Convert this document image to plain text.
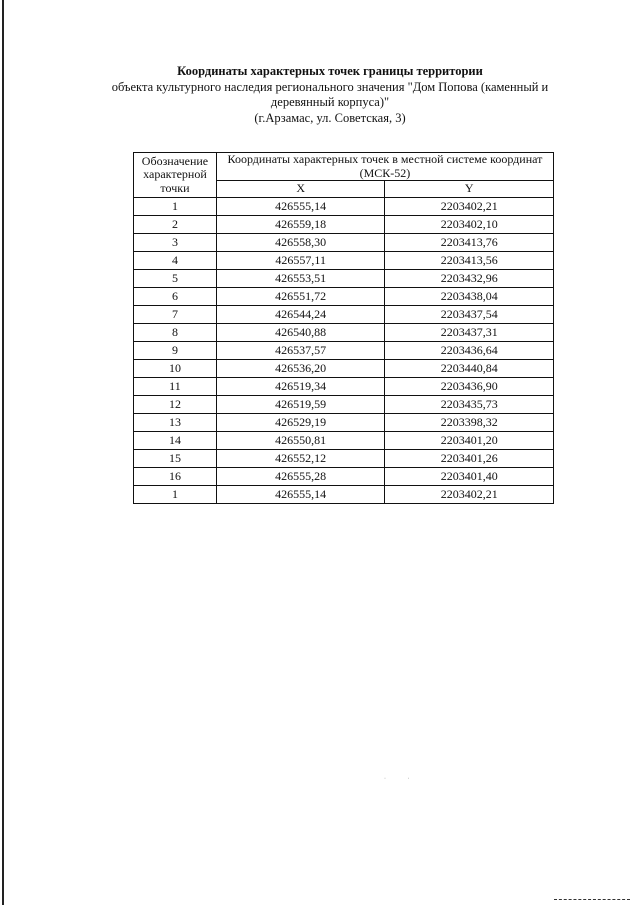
Координаты характерных точек границы территории
объекта культурного наследия регионального значения "Дом Попова (каменный и
деревянный корпуса)"
(г.Арзамас, ул. Советская, 3)
Обозначение характерной точки	Координаты характерных точек в местной системе координат (МСК-52)	
	X	Y
1	426555,14	2203402,21
2	426559,18	2203402,10
3	426558,30	2203413,76
4	426557,11	2203413,56
5	426553,51	2203432,96
6	426551,72	2203438,04
7	426544,24	2203437,54
8	426540,88	2203437,31
9	426537,57	2203436,64
10	426536,20	2203440,84
11	426519,34	2203436,90
12	426519,59	2203435,73
13	426529,19	2203398,32
14	426550,81	2203401,20
15	426552,12	2203401,26
16	426555,28	2203401,40
1	426555,14	2203402,21
· ·
